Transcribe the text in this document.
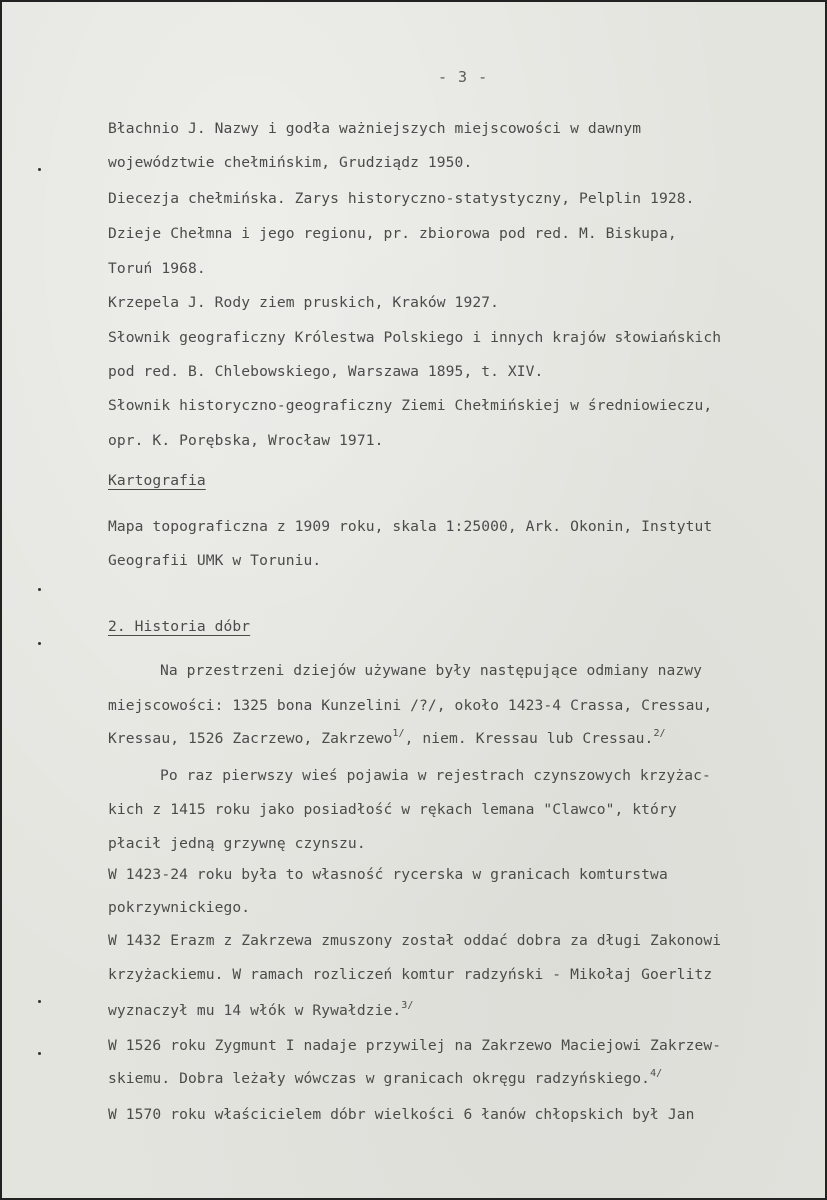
- 3 -
Błachnio J. Nazwy i godła ważniejszych miejscowości w dawnym
województwie chełmińskim, Grudziądz 1950.
Diecezja chełmińska. Zarys historyczno-statystyczny, Pelplin 1928.
Dzieje Chełmna i jego regionu, pr. zbiorowa pod red. M. Biskupa,
Toruń 1968.
Krzepela J. Rody ziem pruskich, Kraków 1927.
Słownik geograficzny Królestwa Polskiego i innych krajów słowiańskich
pod red. B. Chlebowskiego, Warszawa 1895, t. XIV.
Słownik historyczno-geograficzny Ziemi Chełmińskiej w średniowieczu,
opr. K. Porębska, Wrocław 1971.
Kartografia
Mapa topograficzna z 1909 roku, skala 1:25000, Ark. Okonin, Instytut
Geografii UMK w Toruniu.
2. Historia dóbr
Na przestrzeni dziejów używane były następujące odmiany nazwy
miejscowości: 1325 bona Kunzelini /?/, około 1423-4 Crassa, Cressau,
Kressau, 1526 Zacrzewo, Zakrzewo$^{1/}$, niem. Kressau lub Cressau.$^{2/}$
Po raz pierwszy wieś pojawia w rejestrach czynszowych krzyżac-
kich z 1415 roku jako posiadłość w rękach lemana "Clawco", który
płacił jedną grzywnę czynszu.
W 1423-24 roku była to własność rycerska w granicach komturstwa
pokrzywnickiego.
W 1432 Erazm z Zakrzewa zmuszony został oddać dobra za długi Zakonowi
krzyżackiemu. W ramach rozliczeń komtur radzyński - Mikołaj Goerlitz
wyznaczył mu 14 włók w Rywałdzie.$^{3/}$
W 1526 roku Zygmunt I nadaje przywilej na Zakrzewo Maciejowi Zakrzew-
skiemu. Dobra leżały wówczas w granicach okręgu radzyńskiego.$^{4/}$
W 1570 roku właścicielem dóbr wielkości 6 łanów chłopskich był Jan
